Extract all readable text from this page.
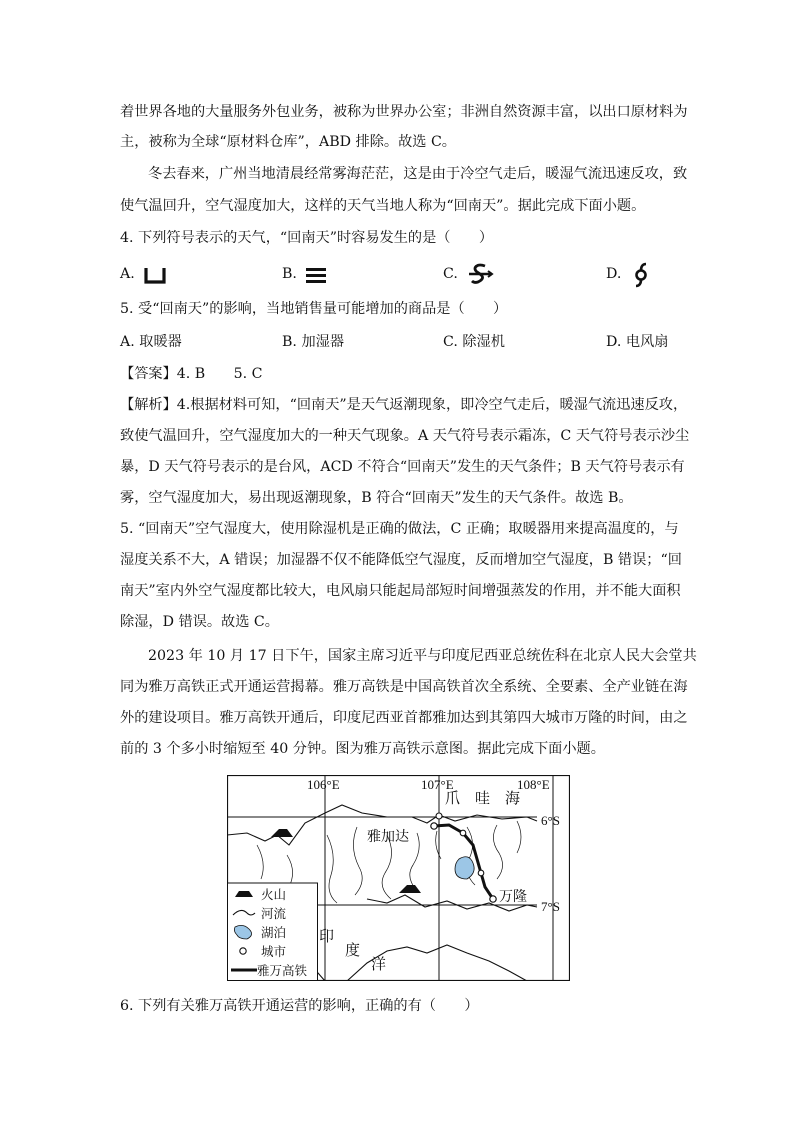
着世界各地的大量服务外包业务，被称为世界办公室；非洲自然资源丰富，以出口原材料为
主，被称为全球“原材料仓库”，ABD 排除。故选 C。
冬去春来，广州当地清晨经常雾海茫茫，这是由于冷空气走后，暖湿气流迅速反攻，致
使气温回升，空气湿度加大，这样的天气当地人称为“回南天”。据此完成下面小题。
4. 下列符号表示的天气，“回南天”时容易发生的是（　　）
A.	B.	C.	D.
5. 受“回南天”的影响，当地销售量可能增加的商品是（　　）
A. 取暖器	B. 加湿器	C. 除湿机	D. 电风扇
【答案】4. B　　5. C
【解析】4.根据材料可知，“回南天”是天气返潮现象，即冷空气走后，暖湿气流迅速反攻，
致使气温回升，空气湿度加大的一种天气现象。A 天气符号表示霜冻，C 天气符号表示沙尘
暴，D 天气符号表示的是台风，ACD 不符合“回南天”发生的天气条件；B 天气符号表示有
雾，空气湿度加大，易出现返潮现象，B 符合“回南天”发生的天气条件。故选 B。
5. “回南天”空气湿度大，使用除湿机是正确的做法，C 正确；取暖器用来提高温度的，与
湿度关系不大，A 错误；加湿器不仅不能降低空气湿度，反而增加空气湿度，B 错误；“回
南天”室内外空气湿度都比较大，电风扇只能起局部短时间增强蒸发的作用，并不能大面积
除湿，D 错误。故选 C。
2023 年 10 月 17 日下午，国家主席习近平与印度尼西亚总统佐科在北京人民大会堂共
同为雅万高铁正式开通运营揭幕。雅万高铁是中国高铁首次全系统、全要素、全产业链在海
外的建设项目。雅万高铁开通后，印度尼西亚首都雅加达到其第四大城市万隆的时间，由之
前的 3 个多小时缩短至 40 分钟。图为雅万高铁示意图。据此完成下面小题。
106°E	107°E	108°E
6°S
7°S
爪　哇　海
雅加达
万隆
印
度
洋
火山
河流
湖泊
城市
雅万高铁
6. 下列有关雅万高铁开通运营的影响，正确的有（　　）
